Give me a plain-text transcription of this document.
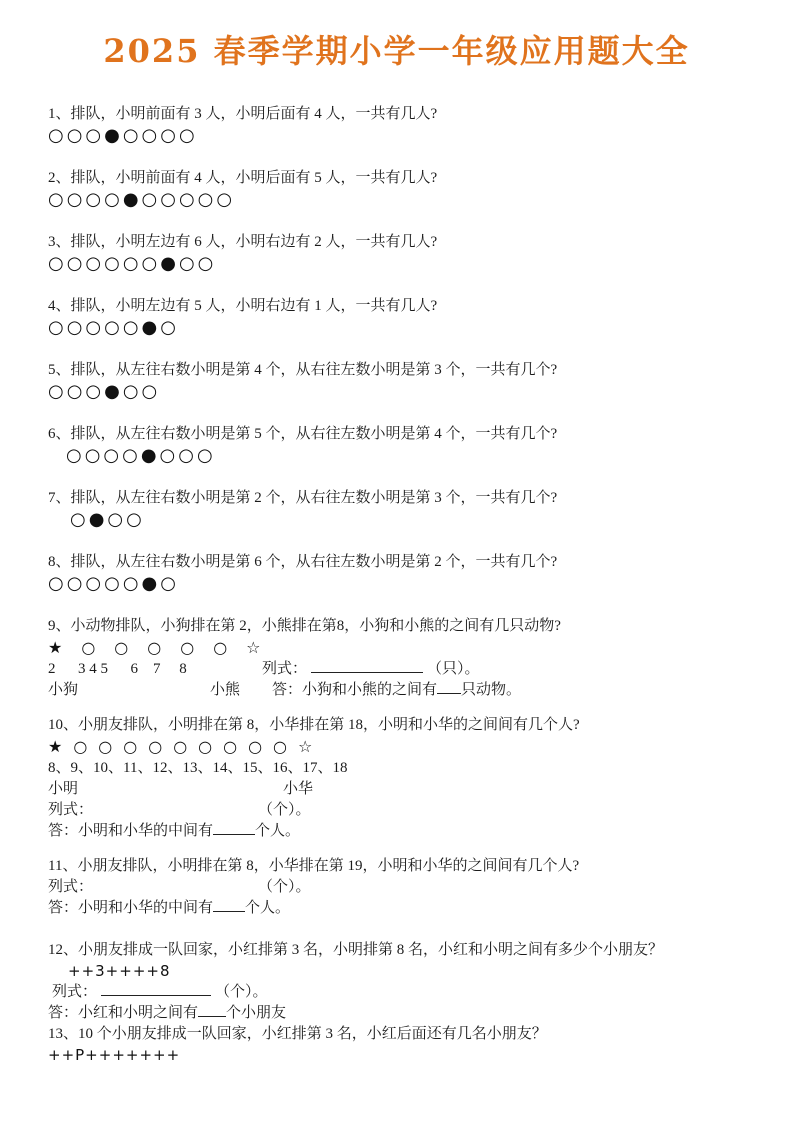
2025 春季学期小学一年级应用题大全
1、排队，小明前面有 3 人，小明后面有 4 人，一共有几人?
○○○●○○○○
2、排队，小明前面有 4 人，小明后面有 5 人，一共有几人?
○○○○●○○○○○
3、排队，小明左边有 6 人，小明右边有 2 人，一共有几人?
○○○○○○●○○
4、排队，小明左边有 5 人，小明右边有 1 人，一共有几人?
○○○○○●○
5、排队，从左往右数小明是第 4 个，从右往左数小明是第 3 个，一共有几个?
○○○●○○
6、排队，从左往右数小明是第 5 个，从右往左数小明是第 4 个，一共有几个?
○○○○●○○○
7、排队，从左往右数小明是第 2 个，从右往左数小明是第 3 个，一共有几个?
○●○○
8、排队，从左往右数小明是第 6 个，从右往左数小明是第 2 个，一共有几个?
○○○○○●○
9、小动物排队，小狗排在第 2，小熊排在第8，小狗和小熊的之间有几只动物?
★○○○○○☆
2      3 4 5      6    7     8	列式：	（只）。
小狗	小熊 答：小狗和小熊的之间有 只动物。
10、小朋友排队，小明排在第 8，小华排在第 18，小明和小华的之间间有几个人?
★○○○○○○○○○☆
8、9、10、11、12、13、14、15、16、17、18
小明	小华
列式：	（个）。
答：小明和小华的中间有	个人。
11、小朋友排队，小明排在第 8，小华排在第 19，小明和小华的之间间有几个人?
列式：	（个）。
答：小明和小华的中间有 个人。
12、小朋友排成一队回家，小红排第 3 名，小明排第 8 名，小红和小明之间有多少个小朋友？
++3++++8
列式：	（个）。
答：小红和小明之间有 个小朋友
13、10 个小朋友排成一队回家，小红排第 3 名，小红后面还有几名小朋友？
++P+++++++
